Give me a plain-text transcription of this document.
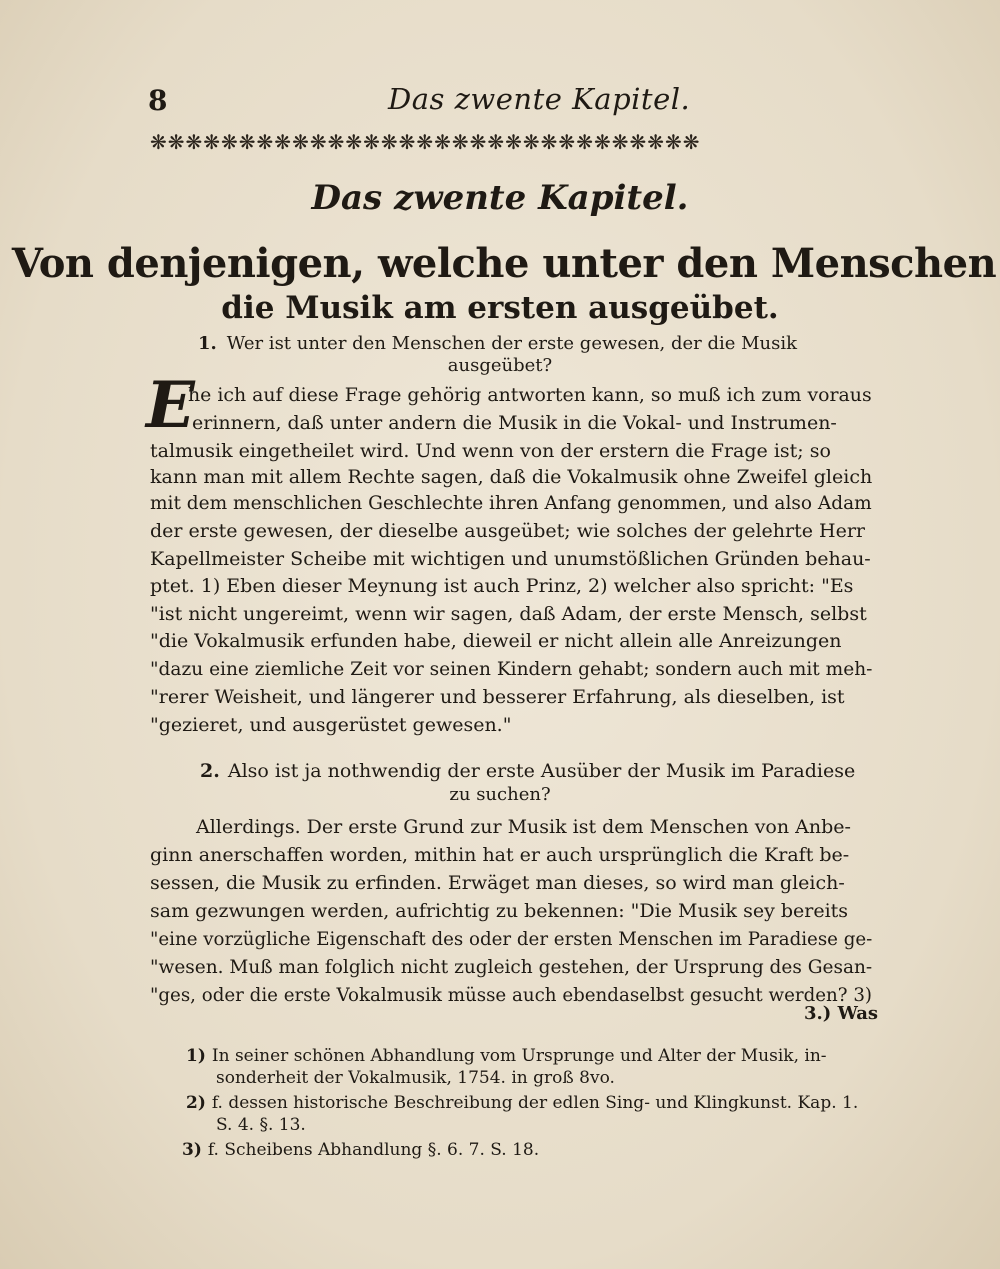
8	Das zwente Kapitel.
❋❋❋❋❋❋❋❋❋❋❋❋❋❋❋❋❋❋❋❋❋❋❋❋❋❋❋❋❋❋❋
Das zwente Kapitel.
Von denjenigen, welche unter den Menschen
die Musik am ersten ausgeübet.
1. Wer ist unter den Menschen der erste gewesen, der die Musik
ausgeübet?
E
he ich auf diese Frage gehörig antworten kann, so muß ich zum voraus
erinnern, daß unter andern die Musik in die Vokal- und Instrumen-
talmusik eingetheilet wird. Und wenn von der erstern die Frage ist; so
kann man mit allem Rechte sagen, daß die Vokalmusik ohne Zweifel gleich
mit dem menschlichen Geschlechte ihren Anfang genommen, und also Adam
der erste gewesen, der dieselbe ausgeübet; wie solches der gelehrte Herr
Kapellmeister Scheibe mit wichtigen und unumstößlichen Gründen behau-
ptet. 1) Eben dieser Meynung ist auch Prinz, 2) welcher also spricht: "Es
"ist nicht ungereimt, wenn wir sagen, daß Adam, der erste Mensch, selbst
"die Vokalmusik erfunden habe, dieweil er nicht allein alle Anreizungen
"dazu eine ziemliche Zeit vor seinen Kindern gehabt; sondern auch mit meh-
"rerer Weisheit, und längerer und besserer Erfahrung, als dieselben, ist
"gezieret, und ausgerüstet gewesen."
2. Also ist ja nothwendig der erste Ausüber der Musik im Paradiese
zu suchen?
Allerdings. Der erste Grund zur Musik ist dem Menschen von Anbe-
ginn anerschaffen worden, mithin hat er auch ursprünglich die Kraft be-
sessen, die Musik zu erfinden. Erwäget man dieses, so wird man gleich-
sam gezwungen werden, aufrichtig zu bekennen: "Die Musik sey bereits
"eine vorzügliche Eigenschaft des oder der ersten Menschen im Paradiese ge-
"wesen. Muß man folglich nicht zugleich gestehen, der Ursprung des Gesan-
"ges, oder die erste Vokalmusik müsse auch ebendaselbst gesucht werden? 3)
3.) Was
1) In seiner schönen Abhandlung vom Ursprunge und Alter der Musik, in-
sonderheit der Vokalmusik, 1754. in groß 8vo.
2) f. dessen historische Beschreibung der edlen Sing- und Klingkunst. Kap. 1.
S. 4. §. 13.
3) f. Scheibens Abhandlung §. 6. 7. S. 18.
